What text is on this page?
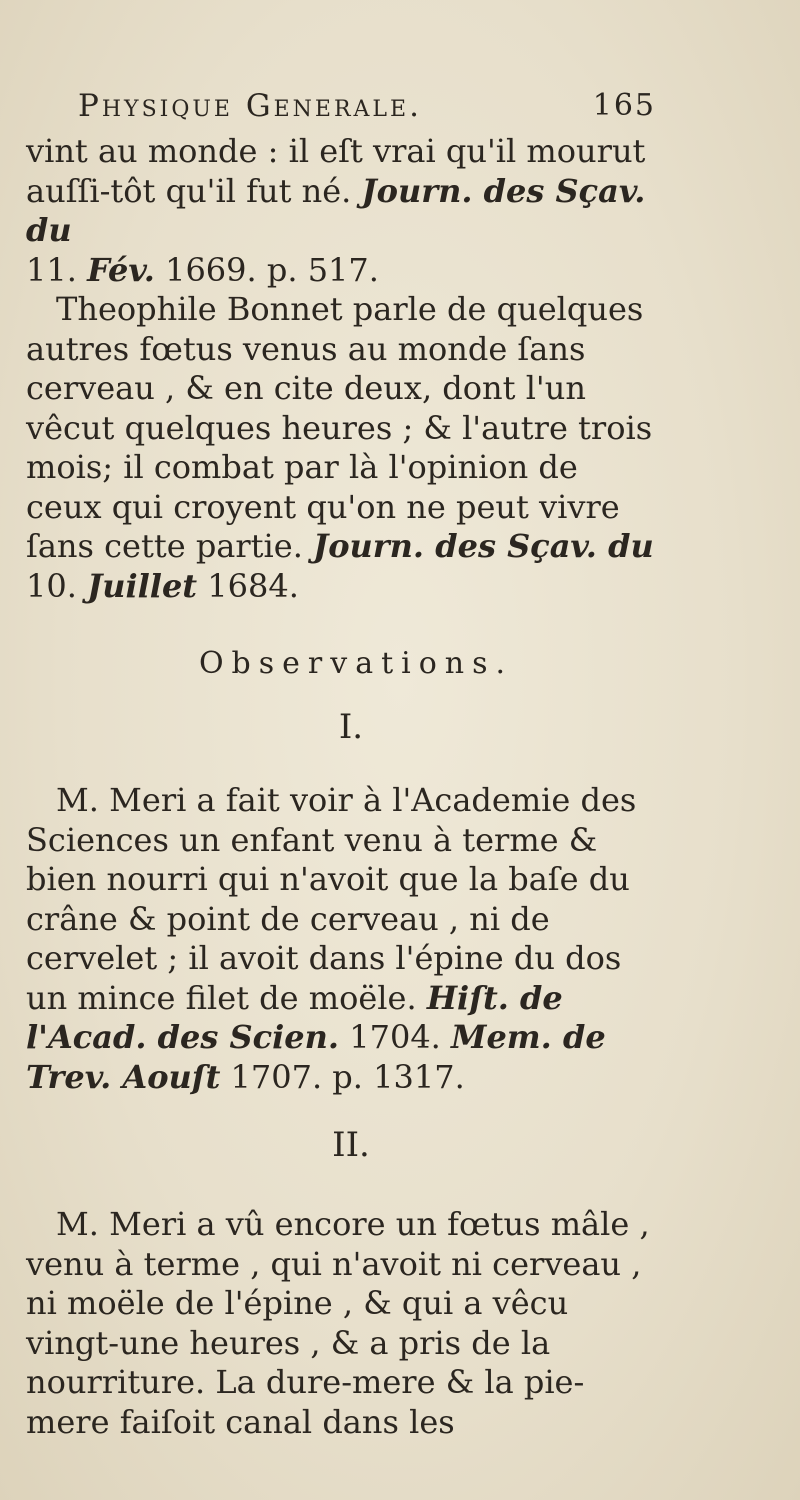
Physique Generale.	165

vint au monde : il eſt vrai qu'il mourut
auſſi-tôt qu'il fut né. Journ. des Sçav. du
11. Fév. 1669. p. 517.

Theophile Bonnet parle de quelques autres fœtus venus au monde ſans cerveau , & en cite deux, dont l'un vêcut quelques heures ; & l'autre trois mois; il combat par là l'opinion de ceux qui croyent qu'on ne peut vivre ſans cette partie. Journ. des Sçav. du 10. Juillet 1684.

Observations.
I.

M. Meri a fait voir à l'Academie des Sciences un enfant venu à terme & bien nourri qui n'avoit que la baſe du crâne & point de cerveau , ni de cervelet ; il avoit dans l'épine du dos un mince filet de moële. Hiſt. de l'Acad. des Scien. 1704. Mem. de Trev. Aouſt 1707. p. 1317.

II.

M. Meri a vû encore un fœtus mâle , venu à terme , qui n'avoit ni cerveau , ni moële de l'épine , & qui a vêcu vingt-une heures , & a pris de la nourriture. La dure-mere & la pie-mere faiſoit canal dans les
